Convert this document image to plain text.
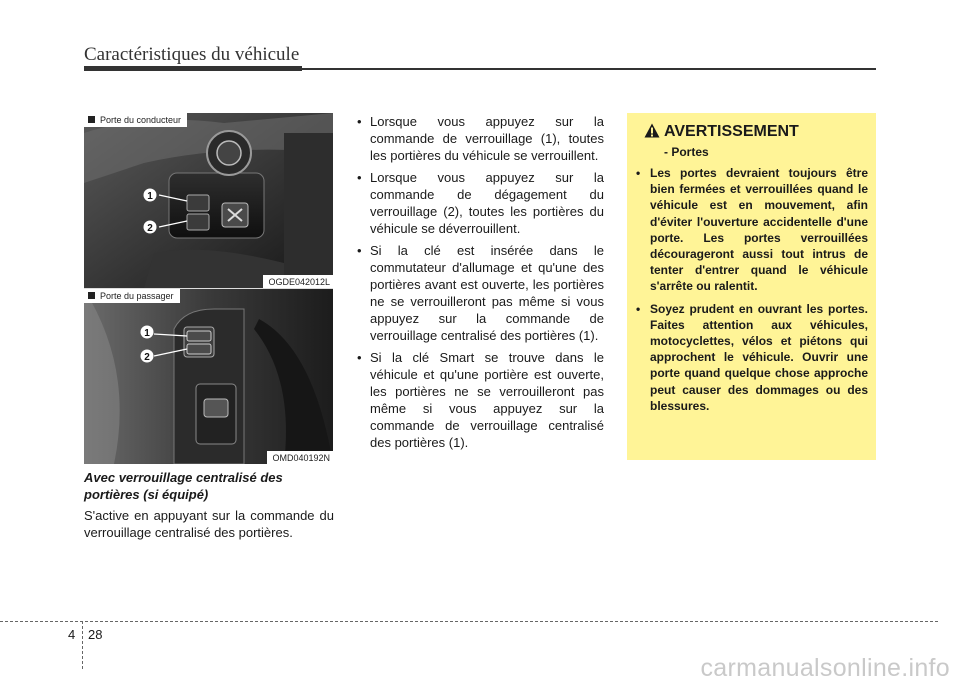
Caractéristiques du véhicule
1
2
Porte du conducteur
OGDE042012L
1
2
Porte du passager
OMD040192N
Avec verrouillage centralisé des portières (si équipé)
S'active en appuyant sur la commande du verrouillage centralisé des portières.
• Lorsque vous appuyez sur la commande de verrouillage (1), toutes les portières du véhicule se verrouillent.
• Lorsque vous appuyez sur la commande de dégagement du verrouillage (2), toutes les portières du véhicule se déverrouillent.
• Si la clé est insérée dans le commutateur d'allumage et qu'une des portières avant est ouverte, les portières ne se verrouilleront pas même si vous appuyez sur la commande de verrouillage centralisé des portières (1).
• Si la clé Smart se trouve dans le véhicule et qu'une portière est ouverte, les portières ne se verrouilleront pas même si vous appuyez sur la commande de verrouillage centralisé des portières (1).
AVERTISSEMENT
- Portes
• Les portes devraient toujours être bien fermées et verrouillées quand le véhicule est en mouvement, afin d'éviter l'ouverture accidentelle d'une porte. Les portes verrouillées décourageront aussi tout intrus de tenter d'entrer quand le véhicule s'arrête ou ralentit.
• Soyez prudent en ouvrant les portes. Faites attention aux véhicules, motocyclettes, vélos et piétons qui approchent le véhicule. Ouvrir une porte quand quelque chose approche peut causer des dommages ou des blessures.
4 28
carmanualsonline.info
